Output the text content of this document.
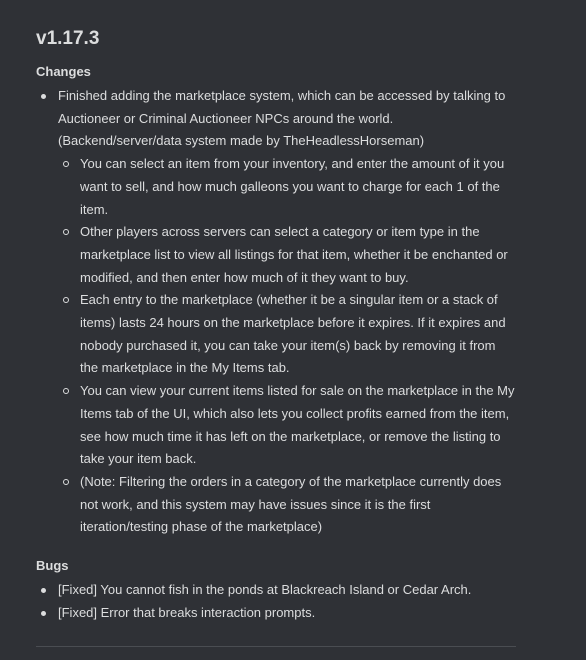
v1.17.3
Changes
Finished adding the marketplace system, which can be accessed by talking to Auctioneer or Criminal Auctioneer NPCs around the world.
(Backend/server/data system made by TheHeadlessHorseman)
You can select an item from your inventory, and enter the amount of it you want to sell, and how much galleons you want to charge for each 1 of the item.
Other players across servers can select a category or item type in the marketplace list to view all listings for that item, whether it be enchanted or modified, and then enter how much of it they want to buy.
Each entry to the marketplace (whether it be a singular item or a stack of items) lasts 24 hours on the marketplace before it expires. If it expires and nobody purchased it, you can take your item(s) back by removing it from the marketplace in the My Items tab.
You can view your current items listed for sale on the marketplace in the My Items tab of the UI, which also lets you collect profits earned from the item, see how much time it has left on the marketplace, or remove the listing to take your item back.
(Note: Filtering the orders in a category of the marketplace currently does not work, and this system may have issues since it is the first iteration/testing phase of the marketplace)
Bugs
[Fixed] You cannot fish in the ponds at Blackreach Island or Cedar Arch.
[Fixed] Error that breaks interaction prompts.
